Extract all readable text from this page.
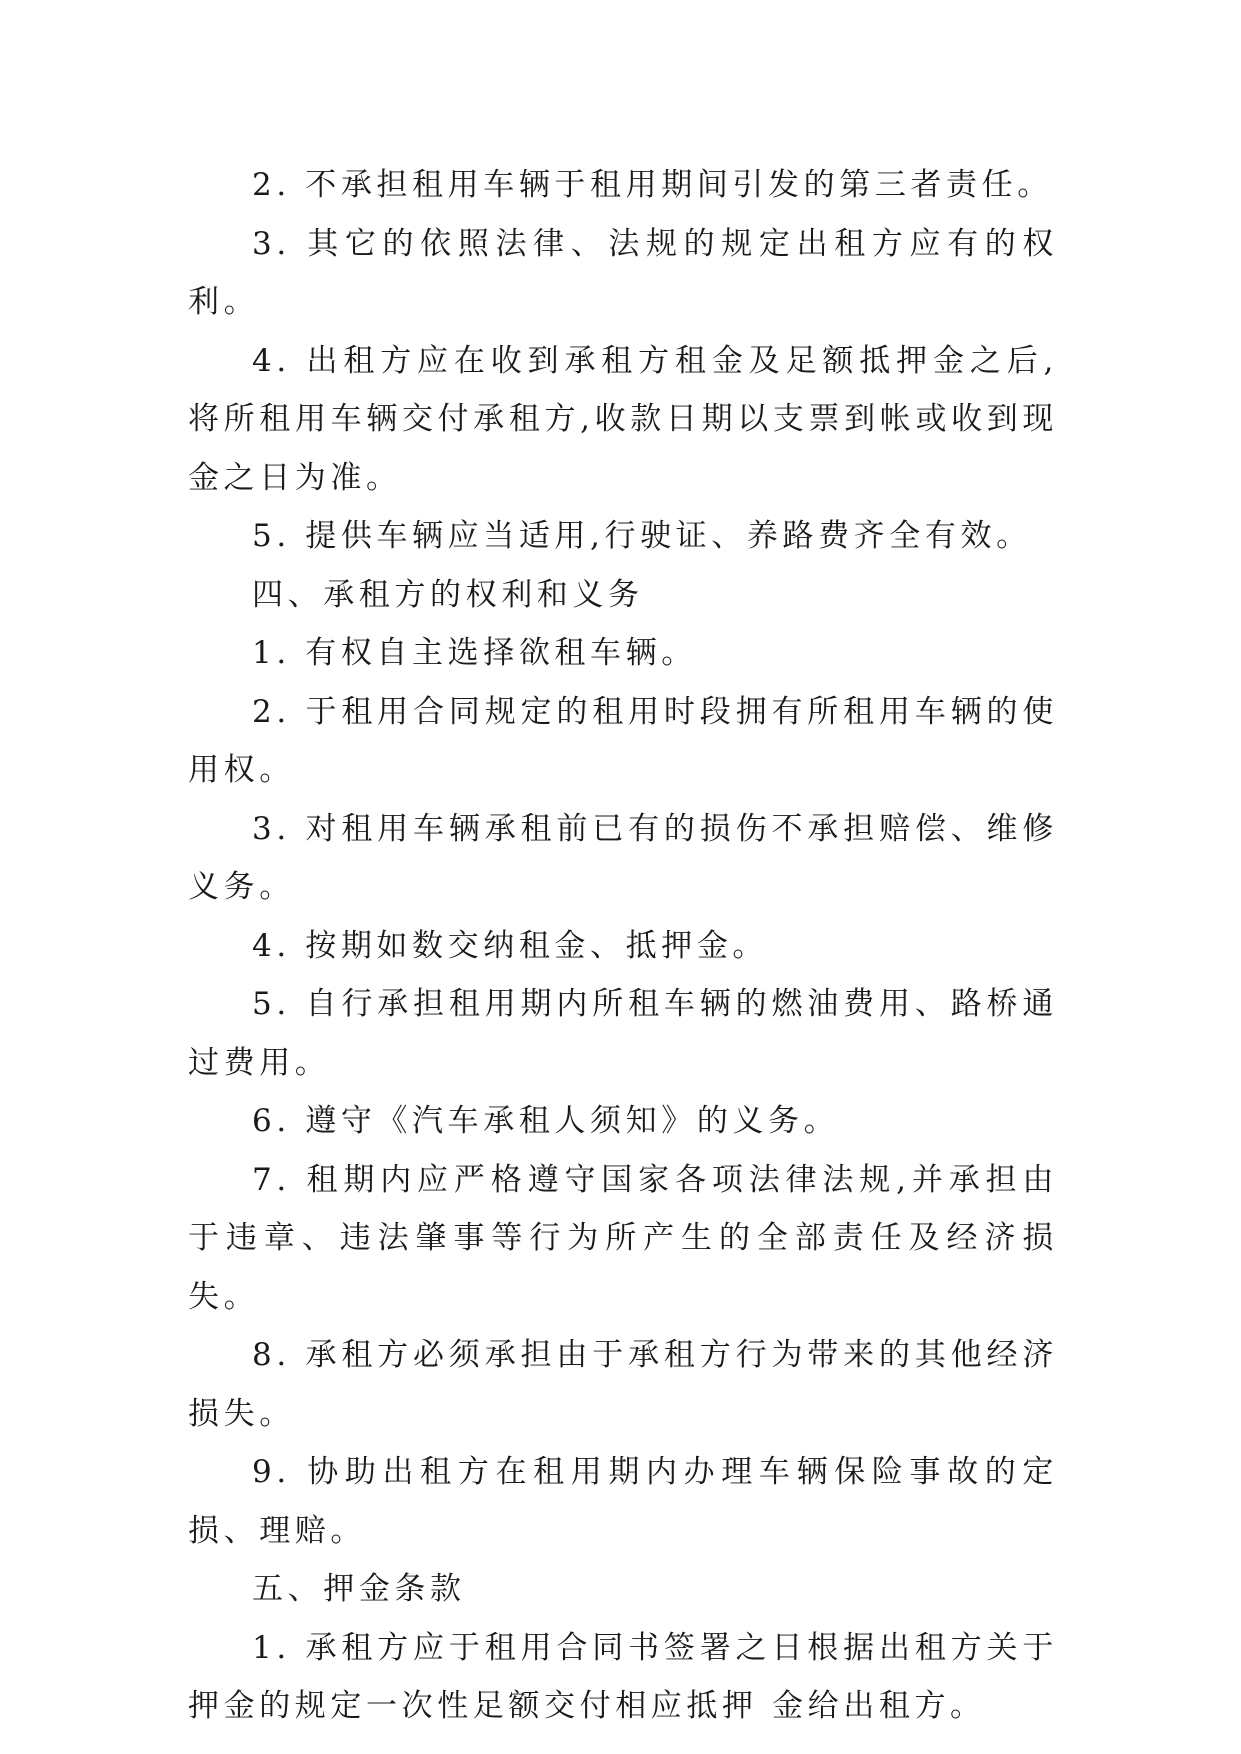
2. 不承担租用车辆于租用期间引发的第三者责任。

3. 其它的依照法律、法规的规定出租方应有的权利。

4. 出租方应在收到承租方租金及足额抵押金之后,将所租用车辆交付承租方,收款日期以支票到帐或收到现金之日为准。

5. 提供车辆应当适用,行驶证、养路费齐全有效。

四、承租方的权利和义务

1. 有权自主选择欲租车辆。

2. 于租用合同规定的租用时段拥有所租用车辆的使用权。

3. 对租用车辆承租前已有的损伤不承担赔偿、维修义务。

4. 按期如数交纳租金、抵押金。

5. 自行承担租用期内所租车辆的燃油费用、路桥通过费用。

6. 遵守《汽车承租人须知》的义务。

7. 租期内应严格遵守国家各项法律法规,并承担由于违章、违法肇事等行为所产生的全部责任及经济损失。

8. 承租方必须承担由于承租方行为带来的其他经济损失。

9. 协助出租方在租用期内办理车辆保险事故的定损、理赔。

五、押金条款

1. 承租方应于租用合同书签署之日根据出租方关于押金的规定一次性足额交付相应抵押 金给出租方。
